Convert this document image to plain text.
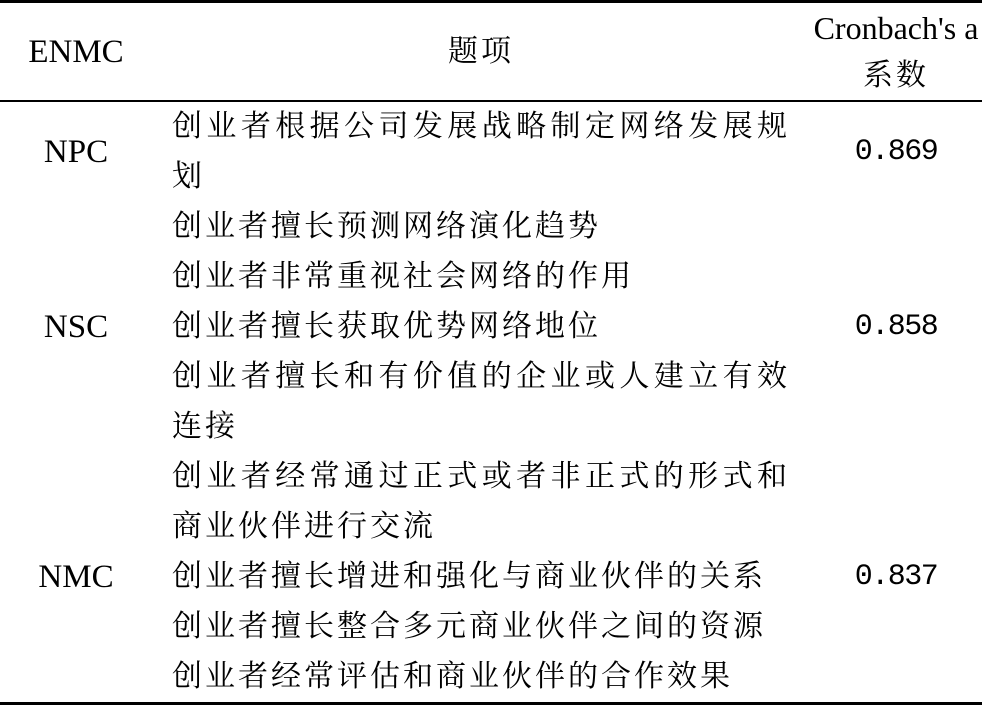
ENMC	题项
Cronbach's a
系数
NPC
创业者根据公司发展战略制定网络发展规划
0.869
NSC
创业者擅长预测网络演化趋势
创业者非常重视社会网络的作用
创业者擅长获取优势网络地位
创业者擅长和有价值的企业或人建立有效连接
0.858
NMC
创业者经常通过正式或者非正式的形式和商业伙伴进行交流
创业者擅长增进和强化与商业伙伴的关系
创业者擅长整合多元商业伙伴之间的资源
创业者经常评估和商业伙伴的合作效果
0.837
